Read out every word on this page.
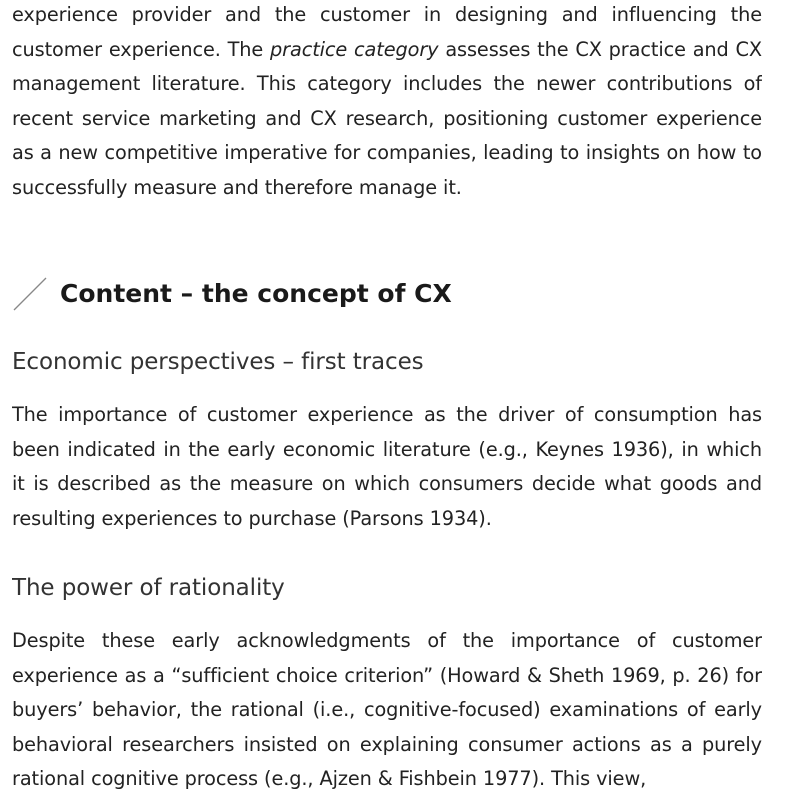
experience provider and the customer in designing and influencing the customer experience. The practice category assesses the CX practice and CX management literature. This category includes the newer contributions of recent service marketing and CX research, positioning customer experience as a new competitive imperative for companies, leading to insights on how to successfully measure and therefore manage it.

Content – the concept of CX
Economic perspectives – first traces

The importance of customer experience as the driver of consumption has been indicated in the early economic literature (e.g., Keynes 1936), in which it is described as the measure on which consumers decide what goods and resulting experiences to purchase (Parsons 1934).

The power of rationality

Despite these early acknowledgments of the importance of customer experience as a “sufficient choice criterion” (Howard & Sheth 1969, p. 26) for buyers’ behavior, the rational (i.e., cognitive-focused) examinations of early behavioral researchers insisted on explaining consumer actions as a purely rational cognitive process (e.g., Ajzen & Fishbein 1977). This view,
